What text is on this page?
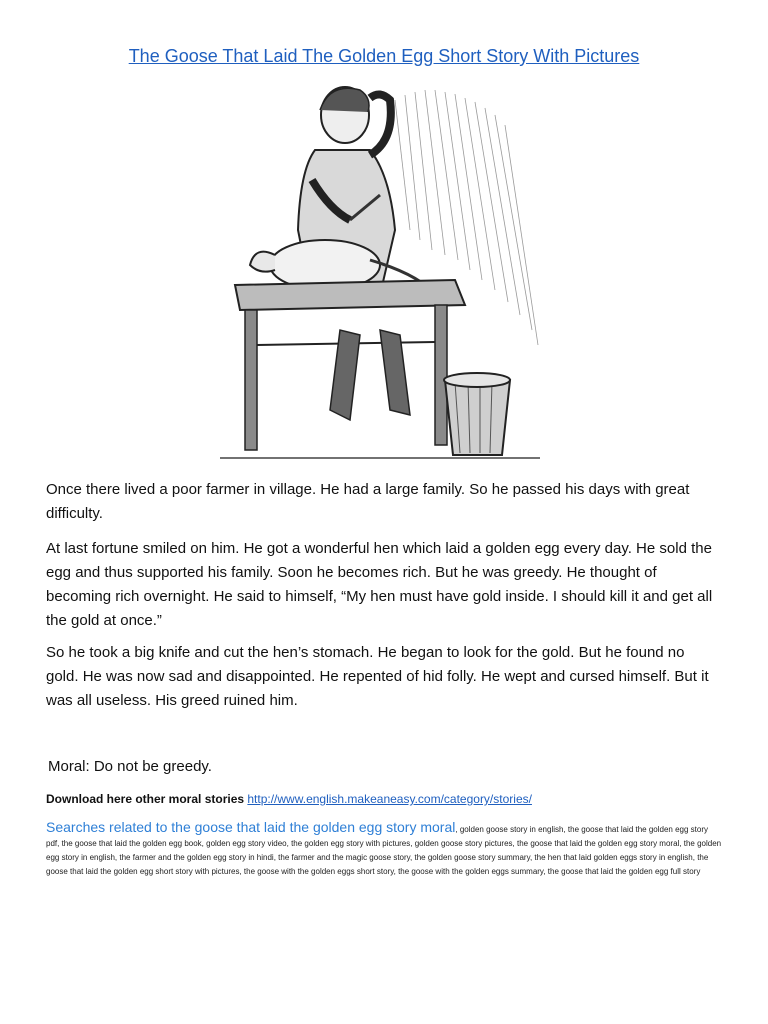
The Goose That Laid The Golden Egg Short Story With Pictures

Once there lived a poor farmer in village. He had a large family. So he passed his days with great difficulty.

At last fortune smiled on him. He got a wonderful hen which laid a golden egg every day. He sold the egg and thus supported his family. Soon he becomes rich. But he was greedy. He thought of becoming rich overnight. He said to himself, “My hen must have gold inside. I should kill it and get all the gold at once.”

So he took a big knife and cut the hen’s stomach. He began to look for the gold. But he found no gold. He was now sad and disappointed. He repented of hid folly. He wept and cursed himself. But it was all useless. His greed ruined him.

Moral: Do not be greedy.
Download here other moral stories http://www.english.makeaneasy.com/category/stories/
Searches related to the goose that laid the golden egg story moral, golden goose story in english, the goose that laid the golden egg story pdf, the goose that laid the golden egg book, golden egg story video, the golden egg story with pictures, golden goose story pictures, the goose that laid the golden egg story moral, the golden egg story in english, the farmer and the golden egg story in hindi, the farmer and the magic goose story, the golden goose story summary, the hen that laid golden eggs story in english, the goose that laid the golden egg short story with pictures, the goose with the golden eggs short story, the goose with the golden eggs summary, the goose that laid the golden egg full story
